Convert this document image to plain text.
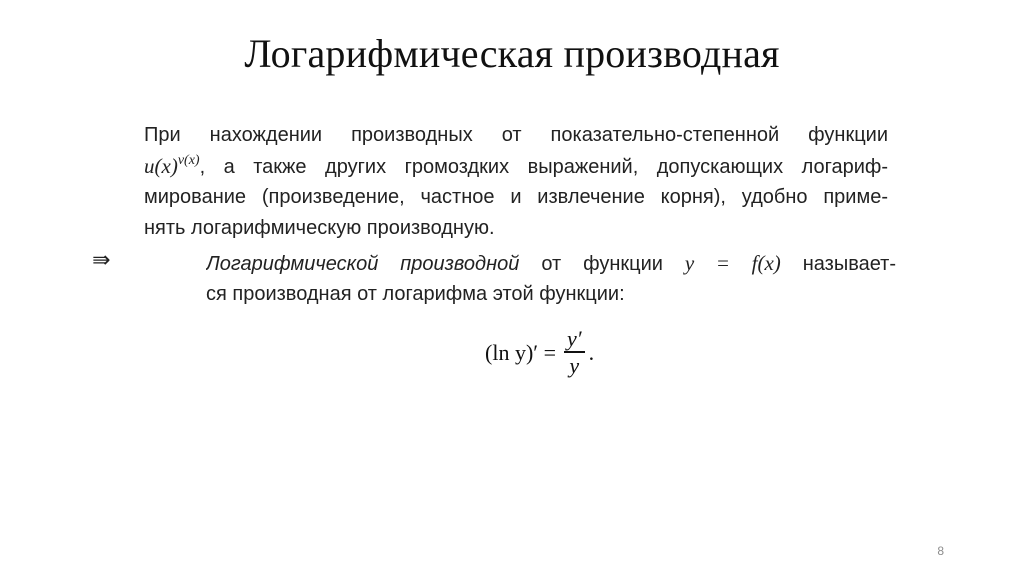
Логарифмическая производная
При нахождении производных от показательно-степенной функции
$u(x)^{v(x)}$, а также других громоздких выражений, допускающих логариф-
мирование (произведение, частное и извлечение корня), удобно приме-
нять логарифмическую производную.
⇛	Логарифмической производной от функции y = f(x) называет-
ся производная от логарифма этой функции:
(ln $y)' = \frac{y'}{y}$ .
8
